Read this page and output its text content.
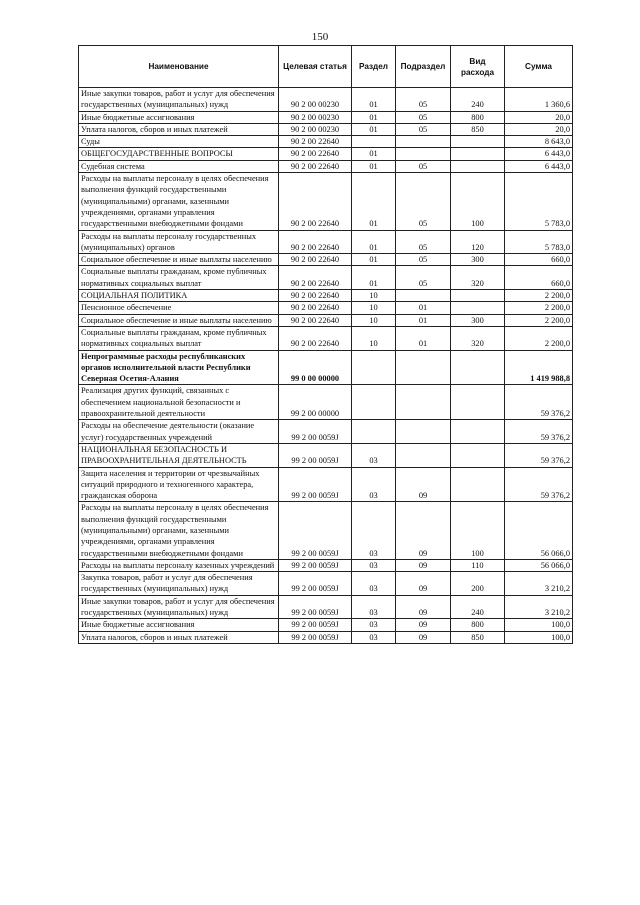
150
Наименование	Целевая статья	Раздел	Подраздел	Вид расхода	Сумма
Иные закупки товаров, работ и услуг для обеспечения государственных (муниципальных) нужд	90 2 00 00230	01	05	240	1 360,6
Иные бюджетные ассигнования	90 2 00 00230	01	05	800	20,0
Уплата налогов, сборов и иных платежей	90 2 00 00230	01	05	850	20,0
Суды	90 2 00 22640				8 643,0
ОБЩЕГОСУДАРСТВЕННЫЕ ВОПРОСЫ	90 2 00 22640	01			6 443,0
Судебная система	90 2 00 22640	01	05		6 443,0
Расходы на выплаты персоналу в целях обеспечения выполнения функций государственными (муниципальными) органами, казенными учреждениями, органами управления государственными внебюджетными фондами	90 2 00 22640	01	05	100	5 783,0
Расходы на выплаты персоналу государственных (муниципальных) органов	90 2 00 22640	01	05	120	5 783,0
Социальное обеспечение и иные выплаты населению	90 2 00 22640	01	05	300	660,0
Социальные выплаты гражданам, кроме публичных нормативных социальных выплат	90 2 00 22640	01	05	320	660,0
СОЦИАЛЬНАЯ ПОЛИТИКА	90 2 00 22640	10			2 200,0
Пенсионное обеспечение	90 2 00 22640	10	01		2 200,0
Социальное обеспечение и иные выплаты населению	90 2 00 22640	10	01	300	2 200,0
Социальные выплаты гражданам, кроме публичных нормативных социальных выплат	90 2 00 22640	10	01	320	2 200,0
Непрограммные расходы республиканских органов исполнительной власти Республики Северная Осетия-Алания	99 0 00 00000				1 419 988,8
Реализация других функций, связанных с обеспечением национальной безопасности и правоохранительной деятельности	99 2 00 00000				59 376,2
Расходы на обеспечение деятельности (оказание услуг) государственных учреждений	99 2 00 0059J				59 376,2
НАЦИОНАЛЬНАЯ БЕЗОПАСНОСТЬ И ПРАВООХРАНИТЕЛЬНАЯ ДЕЯТЕЛЬНОСТЬ	99 2 00 0059J	03			59 376,2
Защита населения и территории от чрезвычайных ситуаций природного и техногенного характера, гражданская оборона	99 2 00 0059J	03	09		59 376,2
Расходы на выплаты персоналу в целях обеспечения выполнения функций государственными (муниципальными) органами, казенными учреждениями, органами управления государственными внебюджетными фондами	99 2 00 0059J	03	09	100	56 066,0
Расходы на выплаты персоналу казенных учреждений	99 2 00 0059J	03	09	110	56 066,0
Закупка товаров, работ и услуг для обеспечения государственных (муниципальных) нужд	99 2 00 0059J	03	09	200	3 210,2
Иные закупки товаров, работ и услуг для обеспечения государственных (муниципальных) нужд	99 2 00 0059J	03	09	240	3 210,2
Иные бюджетные ассигнования	99 2 00 0059J	03	09	800	100,0
Уплата налогов, сборов и иных платежей	99 2 00 0059J	03	09	850	100,0
